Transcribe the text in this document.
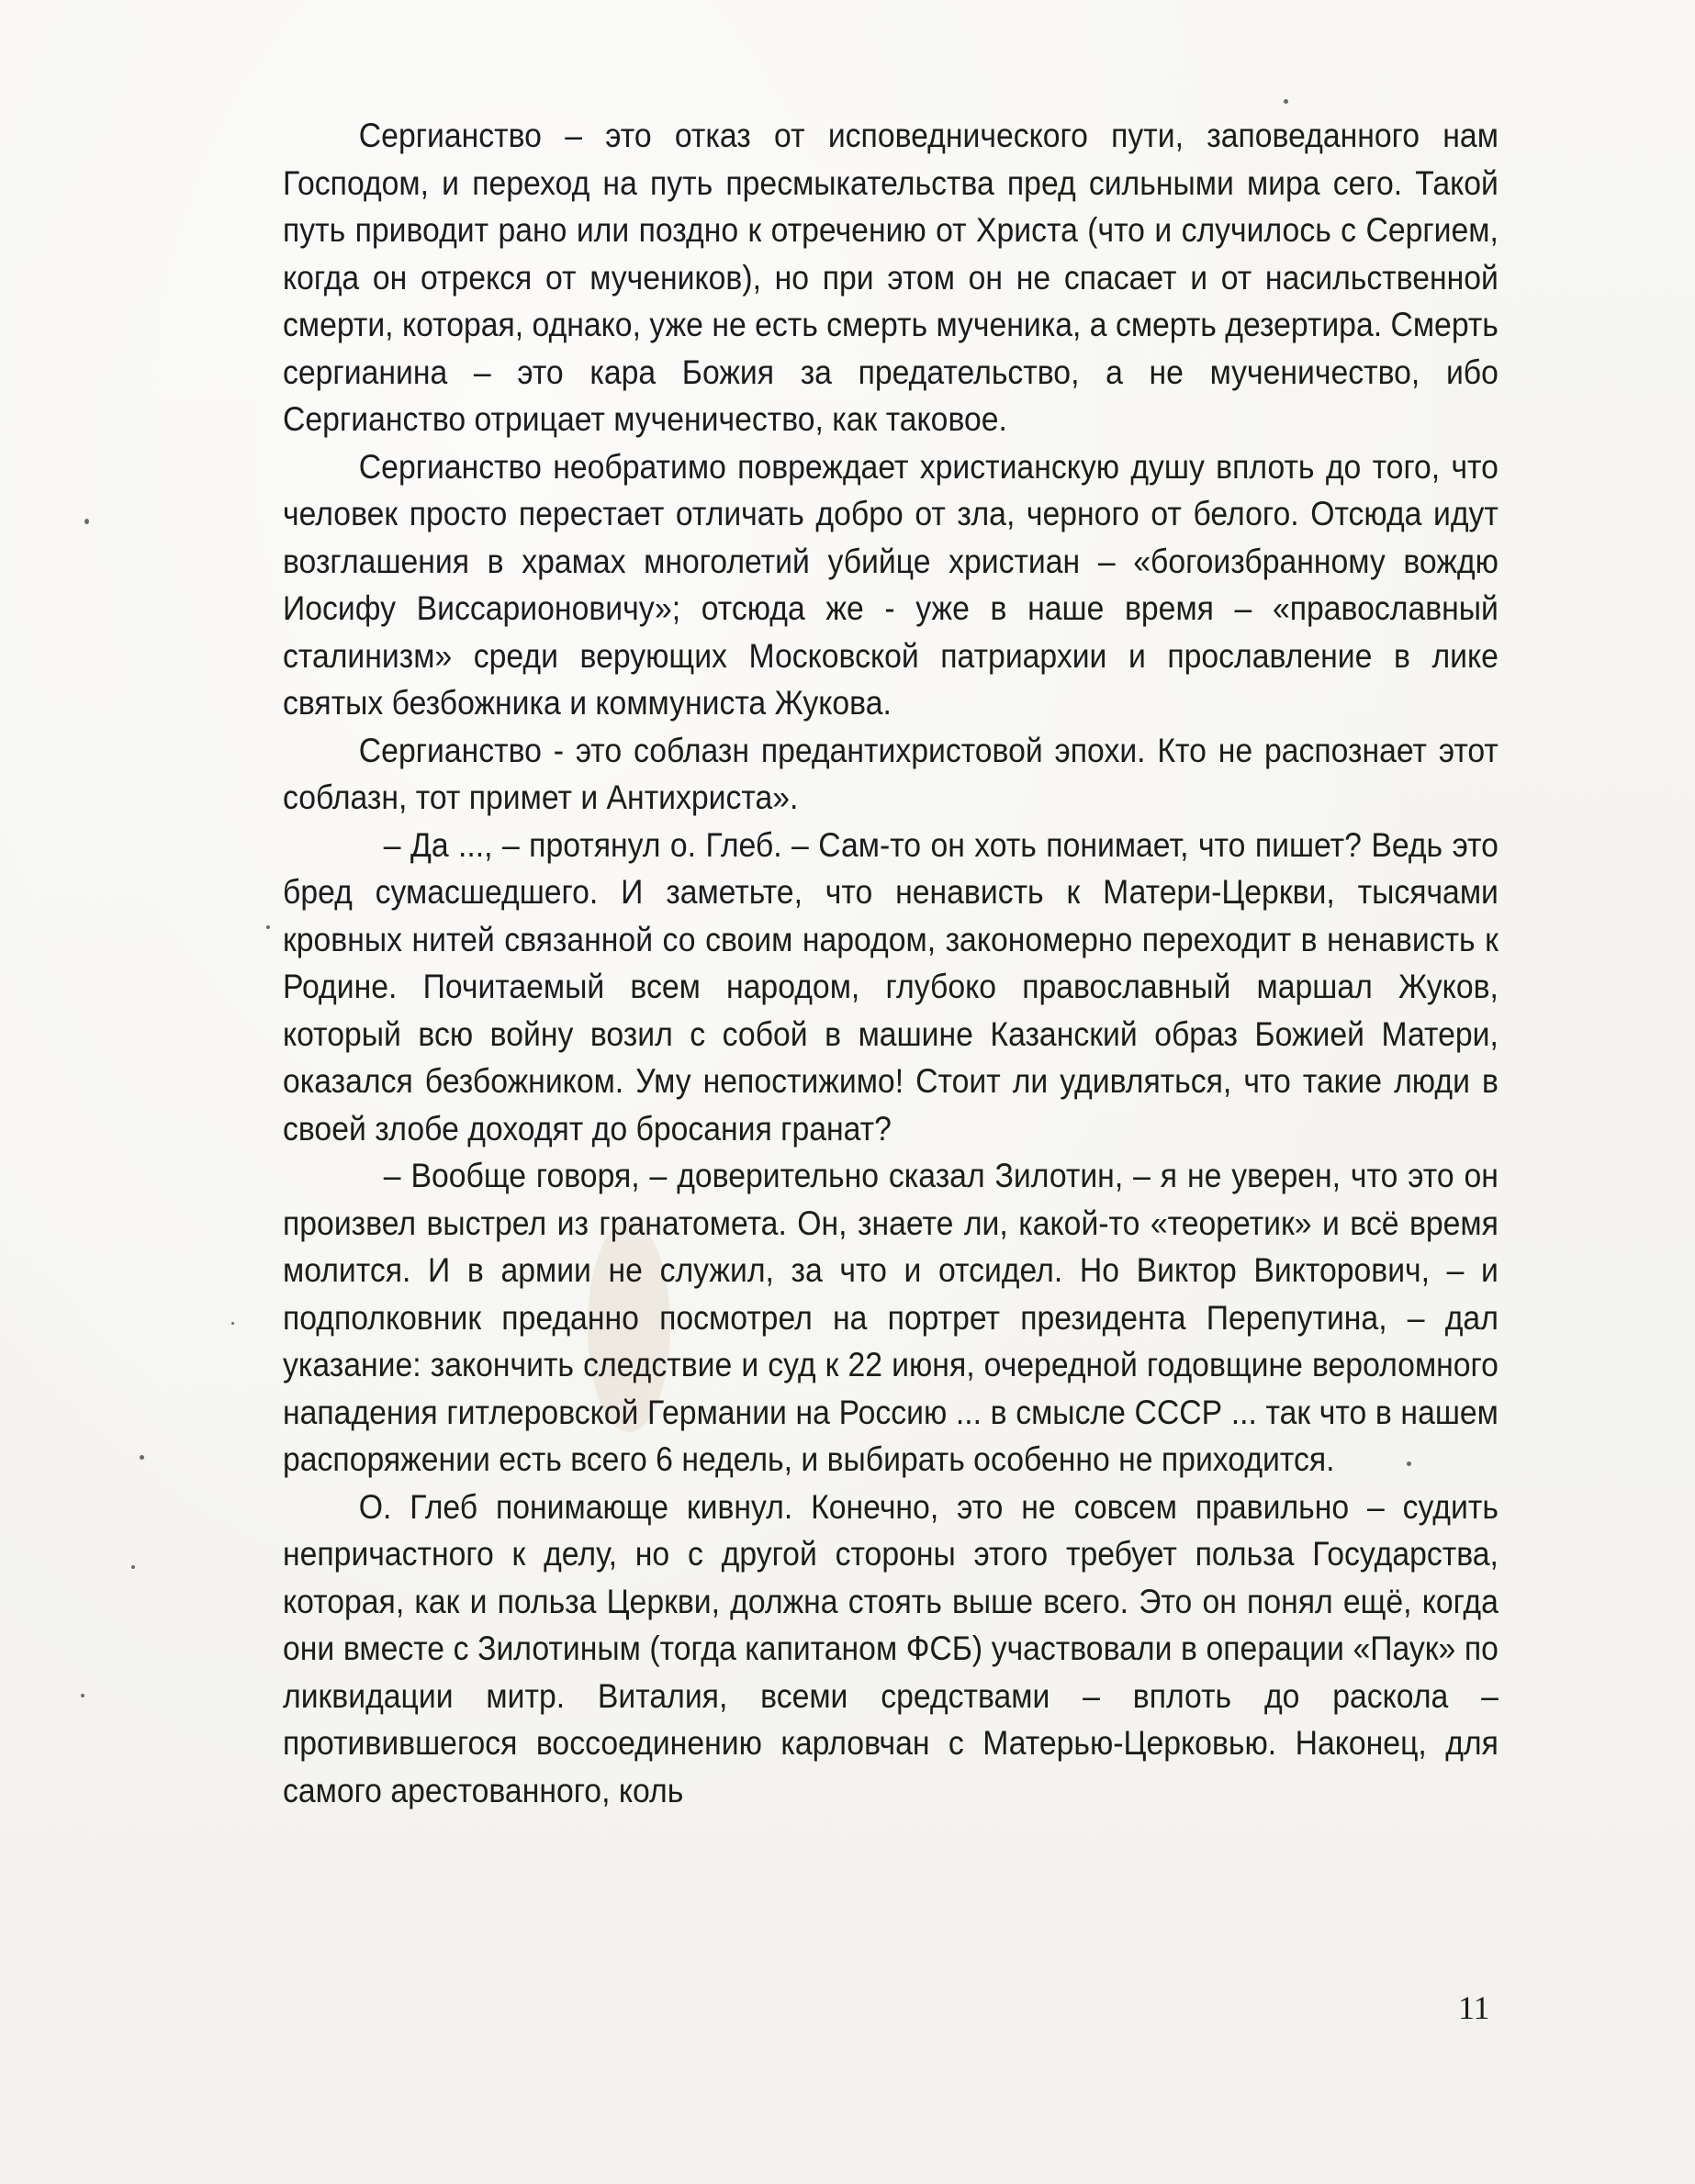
Сергианство – это отказ от исповеднического пути, заповеданного нам Господом, и переход на путь пресмыкательства пред сильными мира сего. Такой путь приводит рано или поздно к отречению от Христа (что и случилось с Сергием, когда он отрекся от мучеников), но при этом он не спасает и от насильственной смерти, которая, однако, уже не есть смерть мученика, а смерть дезертира. Смерть сергианина – это кара Божия за предательство, а не мученичество, ибо Сергианство отрицает мученичество, как таковое.

Сергианство необратимо повреждает христианскую душу вплоть до того, что человек просто перестает отличать добро от зла, черного от белого. Отсюда идут возглашения в храмах многолетий убийце христиан – «богоизбранному вождю Иосифу Виссарионовичу»; отсюда же - уже в наше время – «православный сталинизм» среди верующих Московской патриархии и прославление в лике святых безбожника и коммуниста Жукова.

Сергианство - это соблазн предантихристовой эпохи. Кто не распознает этот соблазн, тот примет и Антихриста».

– Да ..., – протянул о. Глеб. – Сам-то он хоть понимает, что пишет? Ведь это бред сумасшедшего. И заметьте, что ненависть к Матери-Церкви, тысячами кровных нитей связанной со своим народом, закономерно переходит в ненависть к Родине. Почитаемый всем народом, глубоко православный маршал Жуков, который всю войну возил с собой в машине Казанский образ Божией Матери, оказался безбожником. Уму непостижимо! Стоит ли удивляться, что такие люди в своей злобе доходят до бросания гранат?

– Вообще говоря, – доверительно сказал Зилотин, – я не уверен, что это он произвел выстрел из гранатомета. Он, знаете ли, какой-то «теоретик» и всё время молится. И в армии не служил, за что и отсидел. Но Виктор Викторович, – и подполковник преданно посмотрел на портрет президента Перепутина, – дал указание: закончить следствие и суд к 22 июня, очередной годовщине вероломного нападения гитлеровской Германии на Россию ... в смысле СССР ... так что в нашем распоряжении есть всего 6 недель, и выбирать особенно не приходится.

О. Глеб понимающе кивнул. Конечно, это не совсем правильно – судить непричастного к делу, но с другой стороны этого требует польза Государства, которая, как и польза Церкви, должна стоять выше всего. Это он понял ещё, когда они вместе с Зилотиным (тогда капитаном ФСБ) участвовали в операции «Паук» по ликвидации митр. Виталия, всеми средствами – вплоть до раскола – противившегося воссоединению карловчан с Матерью-Церковью. Наконец, для самого арестованного, коль

11
